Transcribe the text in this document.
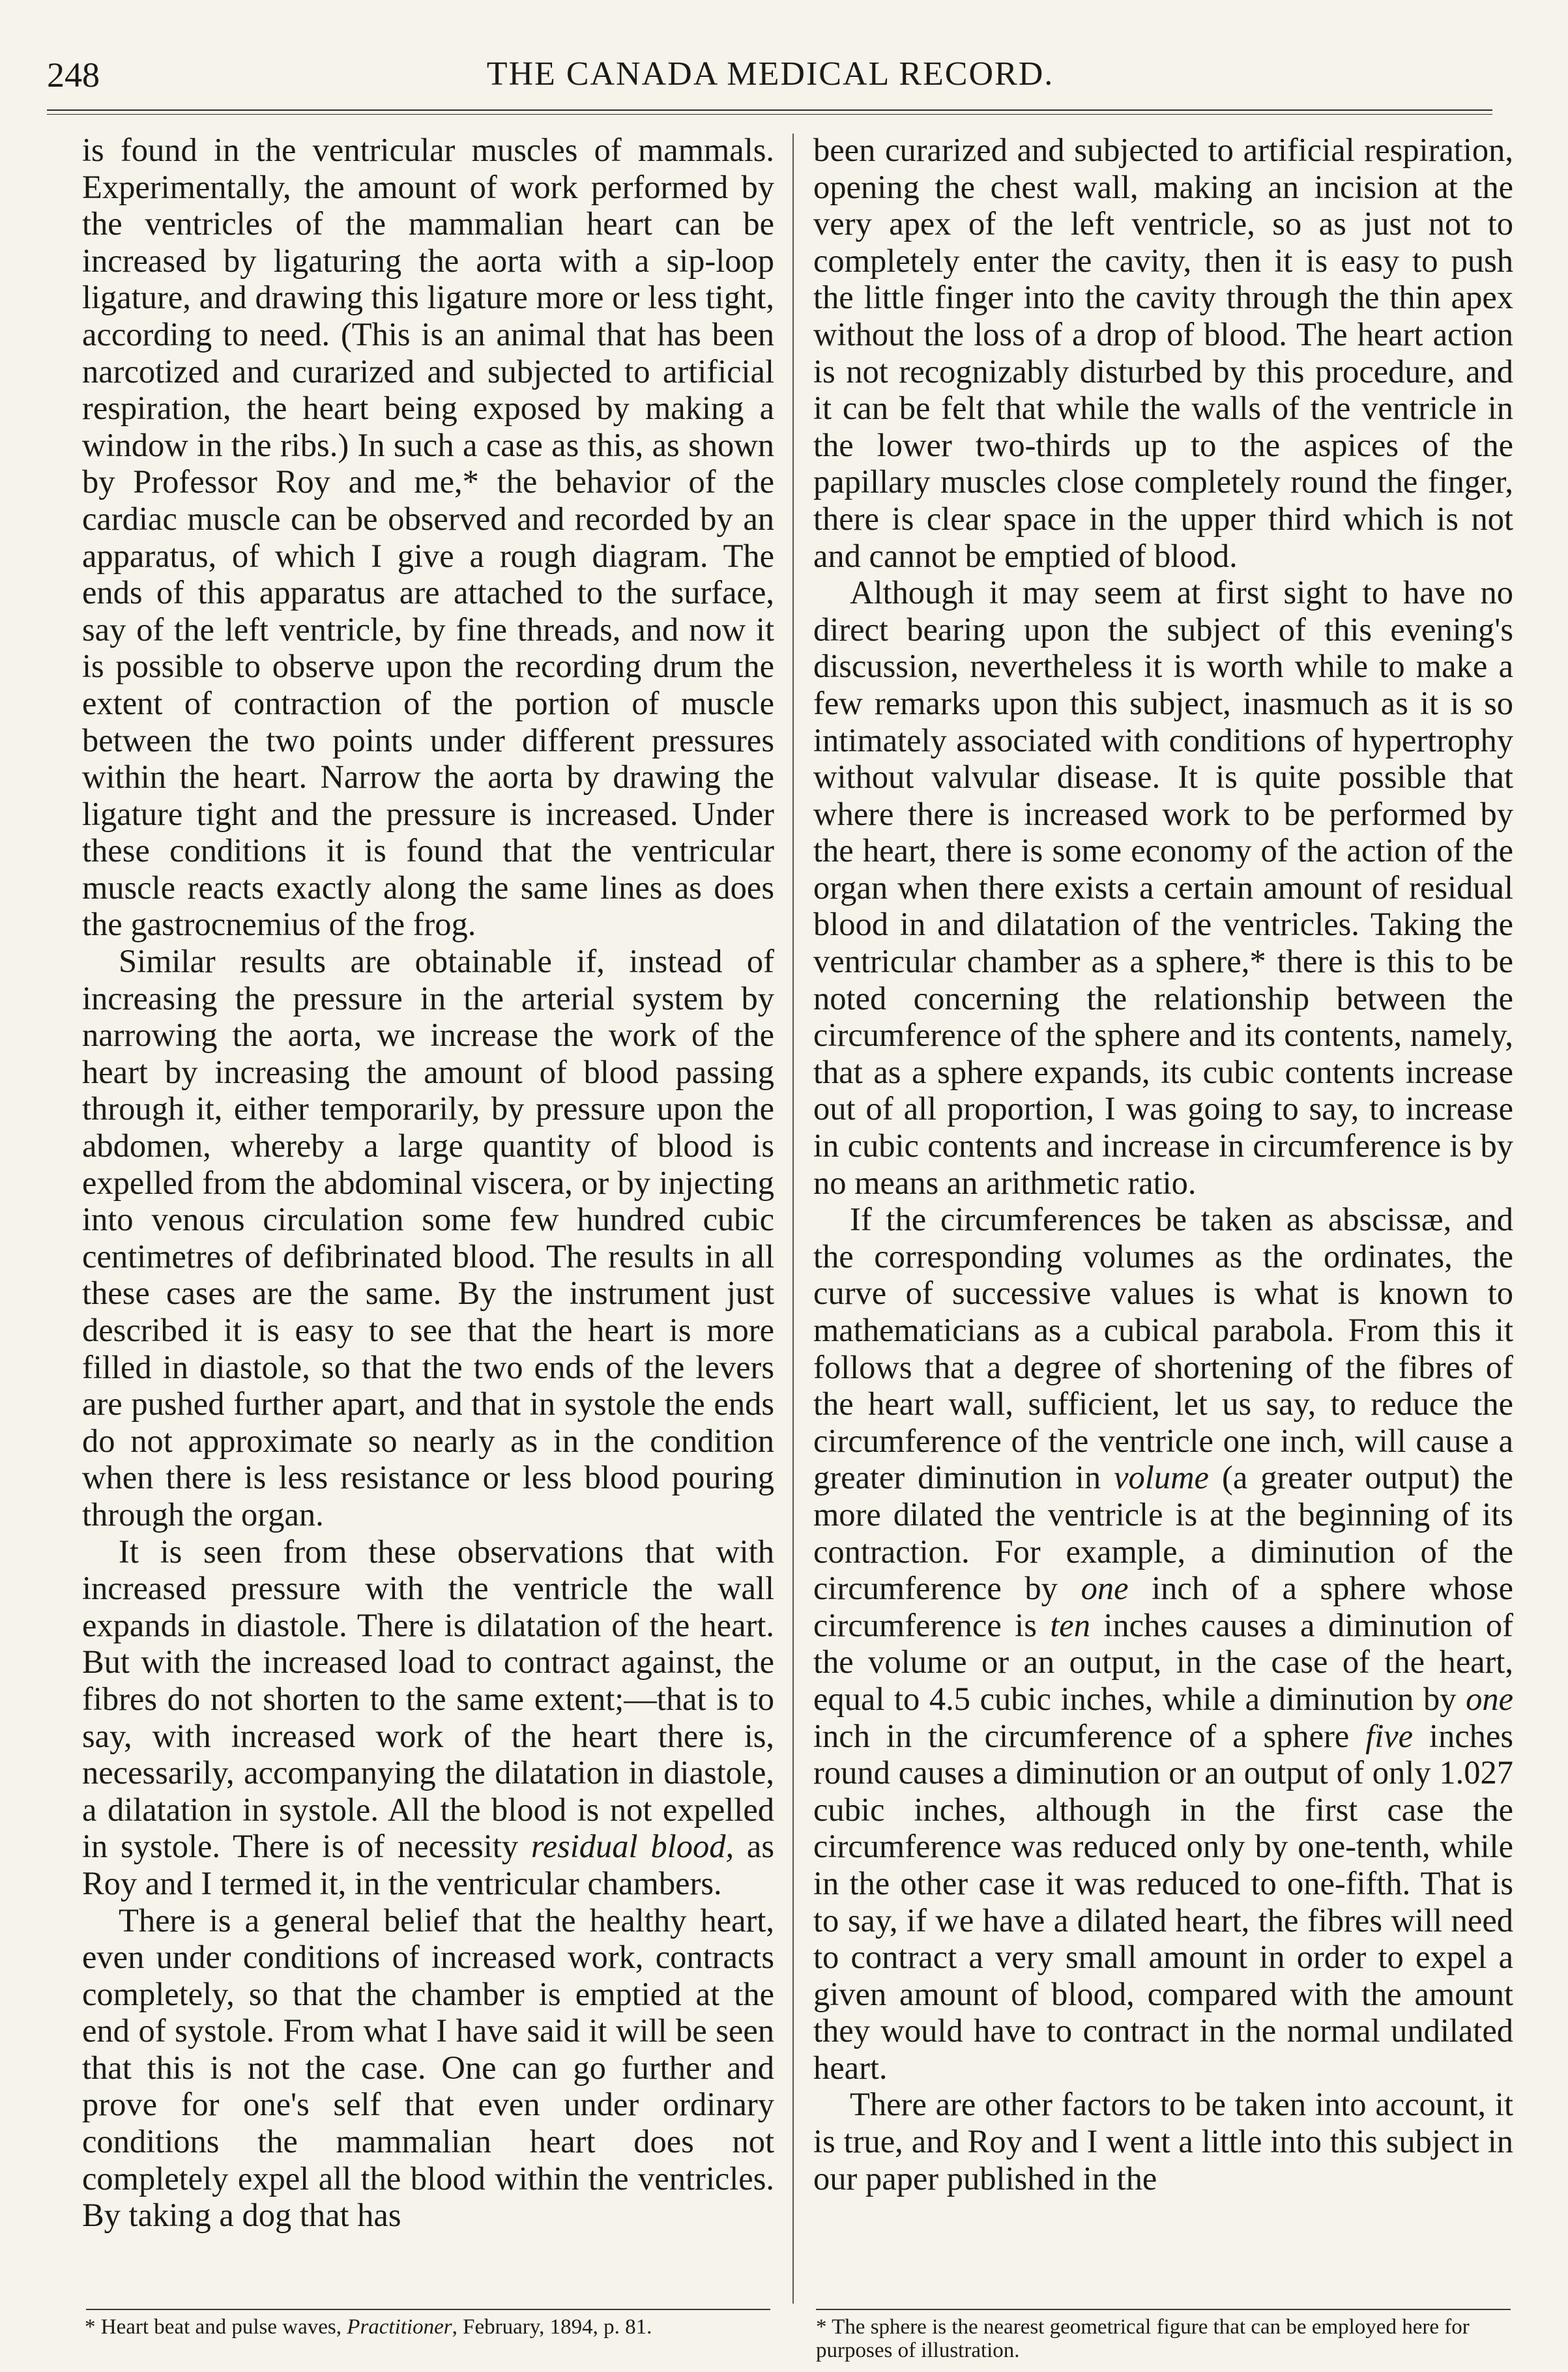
248	THE CANADA MEDICAL RECORD.

is found in the ventricular muscles of mammals. Experimentally, the amount of work performed by the ventricles of the mammalian heart can be increased by ligaturing the aorta with a sip-loop ligature, and drawing this ligature more or less tight, according to need. (This is an animal that has been narcotized and curarized and subjected to artificial respiration, the heart being exposed by making a window in the ribs.) In such a case as this, as shown by Professor Roy and me,* the behavior of the cardiac muscle can be observed and recorded by an apparatus, of which I give a rough diagram. The ends of this apparatus are attached to the surface, say of the left ventricle, by fine threads, and now it is possible to observe upon the recording drum the extent of contraction of the portion of muscle between the two points under different pressures within the heart. Narrow the aorta by drawing the ligature tight and the pressure is increased. Under these conditions it is found that the ventricular muscle reacts exactly along the same lines as does the gastrocnemius of the frog.

Similar results are obtainable if, instead of increasing the pressure in the arterial system by narrowing the aorta, we increase the work of the heart by increasing the amount of blood passing through it, either temporarily, by pressure upon the abdomen, whereby a large quantity of blood is expelled from the abdominal viscera, or by injecting into venous circulation some few hundred cubic centimetres of defibrinated blood. The results in all these cases are the same. By the instrument just described it is easy to see that the heart is more filled in diastole, so that the two ends of the levers are pushed further apart, and that in systole the ends do not approximate so nearly as in the condition when there is less resistance or less blood pouring through the organ.

It is seen from these observations that with increased pressure with the ventricle the wall expands in diastole. There is dilatation of the heart. But with the increased load to contract against, the fibres do not shorten to the same extent;—that is to say, with increased work of the heart there is, necessarily, accompanying the dilatation in diastole, a dilatation in systole. All the blood is not expelled in systole. There is of necessity residual blood, as Roy and I termed it, in the ventricular chambers.

There is a general belief that the healthy heart, even under conditions of increased work, contracts completely, so that the chamber is emptied at the end of systole. From what I have said it will be seen that this is not the case. One can go further and prove for one's self that even under ordinary conditions the mammalian heart does not completely expel all the blood within the ventricles. By taking a dog that has

been curarized and subjected to artificial respiration, opening the chest wall, making an incision at the very apex of the left ventricle, so as just not to completely enter the cavity, then it is easy to push the little finger into the cavity through the thin apex without the loss of a drop of blood. The heart action is not recognizably disturbed by this procedure, and it can be felt that while the walls of the ventricle in the lower two-thirds up to the aspices of the papillary muscles close completely round the finger, there is clear space in the upper third which is not and cannot be emptied of blood.

Although it may seem at first sight to have no direct bearing upon the subject of this evening's discussion, nevertheless it is worth while to make a few remarks upon this subject, inasmuch as it is so intimately associated with conditions of hypertrophy without valvular disease. It is quite possible that where there is increased work to be performed by the heart, there is some economy of the action of the organ when there exists a certain amount of residual blood in and dilatation of the ventricles. Taking the ventricular chamber as a sphere,* there is this to be noted concerning the relationship between the circumference of the sphere and its contents, namely, that as a sphere expands, its cubic contents increase out of all proportion, I was going to say, to increase in cubic contents and increase in circumference is by no means an arithmetic ratio.

If the circumferences be taken as abscissæ, and the corresponding volumes as the ordinates, the curve of successive values is what is known to mathematicians as a cubical parabola. From this it follows that a degree of shortening of the fibres of the heart wall, sufficient, let us say, to reduce the circumference of the ventricle one inch, will cause a greater diminution in volume (a greater output) the more dilated the ventricle is at the beginning of its contraction. For example, a diminution of the circumference by one inch of a sphere whose circumference is ten inches causes a diminution of the volume or an output, in the case of the heart, equal to 4.5 cubic inches, while a diminution by one inch in the circumference of a sphere five inches round causes a diminution or an output of only 1.027 cubic inches, although in the first case the circumference was reduced only by one-tenth, while in the other case it was reduced to one-fifth. That is to say, if we have a dilated heart, the fibres will need to contract a very small amount in order to expel a given amount of blood, compared with the amount they would have to contract in the normal undilated heart.

There are other factors to be taken into account, it is true, and Roy and I went a little into this subject in our paper published in the

* Heart beat and pulse waves, Practitioner, February, 1894, p. 81.	* The sphere is the nearest geometrical figure that can be employed here for purposes of illustration.
